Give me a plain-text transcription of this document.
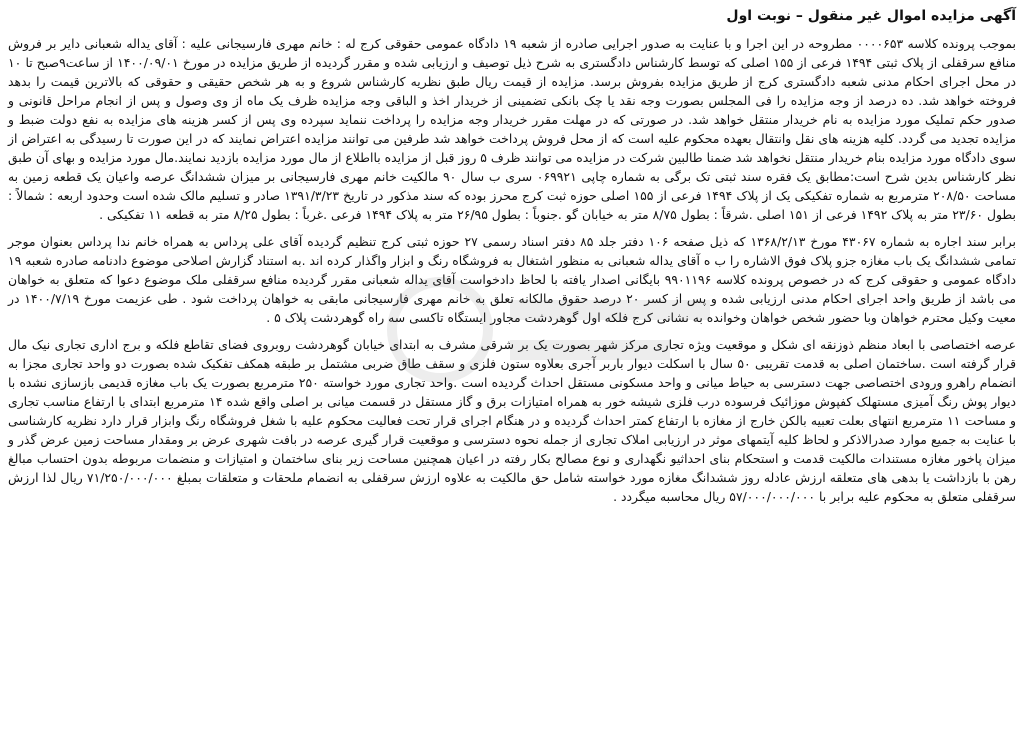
آگهی مزایده اموال غیر منقول – نوبت اول

بموجب پرونده کلاسه ۰۰۰۰۶۵۳ مطروحه در این اجرا و با عنایت به صدور اجرایی صادره از شعبه ۱۹ دادگاه عمومی حقوقی کرج له : خانم مهری فارسیجانی علیه : آقای یداله شعبانی دایر بر فروش منافع سرقفلی از پلاک ثبتی ۱۴۹۴ فرعی از ۱۵۵ اصلی که توسط کارشناس دادگستری به شرح ذیل توصیف و ارزیابی شده و مقرر گردیده از طریق مزایده در مورخ ۱۴۰۰/۰۹/۰۱ از ساعت۹صبح تا ۱۰ در محل اجرای احکام مدنی شعبه دادگستری کرج از طریق مزایده بفروش برسد. مزایده از قیمت ریال طبق نظریه کارشناس شروع و به هر شخص حقیقی و حقوقی که بالاترین قیمت را بدهد فروخته خواهد شد. ده درصد از وجه مزایده را فی المجلس بصورت وجه نقد یا چک بانکی تضمینی از خریدار اخذ و الباقی وجه مزایده ظرف یک ماه از وی وصول و پس از انجام مراحل قانونی و صدور حکم تملیک مورد مزایده به نام خریدار منتقل خواهد شد. در صورتی که در مهلت مقرر خریدار وجه مزایده را پرداخت ننماید سپرده وی پس از کسر هزینه های مزایده به نفع دولت ضبط و مزایده تجدید می گردد. کلیه هزینه های نقل وانتقال بعهده محکوم علیه است که از محل فروش پرداخت خواهد شد طرفین می توانند مزایده اعتراض نمایند که در این صورت تا رسیدگی به اعتراض از سوی دادگاه مورد مزایده بنام خریدار منتقل نخواهد شد ضمنا طالبین شرکت در مزایده می توانند ظرف ۵ روز قبل از مزایده بااطلاع از مال مورد مزایده بازدید نمایند.مال مورد مزایده و بهای آن طبق نظر کارشناس بدین شرح است:مطابق یک فقره سند ثبتی تک برگی به شماره چاپی ۰۶۹۹۲۱ سری ب سال ۹۰ مالکیت خانم مهری فارسیجانی بر میزان ششدانگ عرصه واعیان یک قطعه زمین به مساحت ۲۰۸/۵۰ مترمربع به شماره تفکیکی یک از پلاک ۱۴۹۴ فرعی از ۱۵۵ اصلی حوزه ثبت کرج محرز بوده که سند مذکور در تاریخ ۱۳۹۱/۳/۲۳ صادر و تسلیم مالک شده است وحدود اربعه : شمالاً : بطول ۲۳/۶۰ متر به پلاک ۱۴۹۲ فرعی از ۱۵۱ اصلی .شرقاً : بطول ۸/۷۵ متر به خیابان گو .جنوباً : بطول ۲۶/۹۵ متر به پلاک ۱۴۹۴ فرعی .غرباً : بطول ۸/۲۵ متر به قطعه ۱۱ تفکیکی .

برابر سند اجاره به شماره ۴۳۰۶۷ مورخ ۱۳۶۸/۲/۱۳ که ذیل صفحه ۱۰۶ دفتر جلد ۸۵ دفتر اسناد رسمی ۲۷ حوزه ثبتی کرج تنظیم گردیده آقای علی پرداس به همراه خانم ندا پرداس بعنوان موجر تمامی ششدانگ یک باب مغازه جزو پلاک فوق الاشاره را ب ه آقای یداله شعبانی به منظور اشتغال به فروشگاه رنگ و ابزار واگذار کرده اند .به استناد گزارش اصلاحی موضوع دادنامه صادره شعبه ۱۹ دادگاه عمومی و حقوقی کرج که در خصوص پرونده کلاسه ۹۹۰۱۱۹۶ بایگانی اصدار یافته با لحاظ دادخواست آقای یداله شعبانی مقرر گردیده منافع سرقفلی ملک موضوع دعوا که متعلق به خواهان می باشد از طریق واحد اجرای احکام مدنی ارزیابی شده و پس از کسر ۲۰ درصد حقوق مالکانه تعلق به خانم مهری فارسیجانی مابقی به خواهان پرداخت شود . طی عزیمت مورخ ۱۴۰۰/۷/۱۹ در معیت وکیل محترم خواهان وبا حضور شخص خواهان وخوانده به نشانی کرج فلکه اول گوهردشت مجاور ایستگاه تاکسی سه راه گوهردشت پلاک ۵ .

عرصه اختصاصی با ابعاد منظم ذوزنقه ای شکل و موقعیت ویژه تجاری مرکز شهر بصورت یک بر شرقی مشرف به ابتدای خیابان گوهردشت روبروی فضای تقاطع فلکه و برج اداری تجاری نیک مال قرار گرفته است .ساختمان اصلی به قدمت تقریبی ۵۰ سال با اسکلت دیوار باربر آجری بعلاوه ستون فلزی و سقف طاق ضربی مشتمل بر طبقه همکف تفکیک شده بصورت دو واحد تجاری مجزا به انضمام راهرو ورودی اختصاصی جهت دسترسی به حیاط میانی و واحد مسکونی مستقل احداث گردیده است .واحد تجاری مورد خواسته ۲۵۰ مترمربع بصورت یک باب مغازه قدیمی بازسازی نشده با دیوار پوش رنگ آمیزی مستهلک کفپوش موزائیک فرسوده درب فلزی شیشه خور به همراه امتیازات برق و گاز مستقل در قسمت میانی بر اصلی واقع شده ۱۴ مترمربع ابتدای با ارتفاع مناسب تجاری و مساحت ۱۱ مترمربع انتهای بعلت تعبیه بالکن خارج از مغازه با ارتفاع کمتر احداث گردیده و در هنگام اجرای قرار تحت فعالیت محکوم علیه با شغل فروشگاه رنگ وابزار قرار دارد نظریه کارشناسی با عنایت به جمیع موارد صدرالاذکر و لحاظ کلیه آیتمهای موثر در ارزیابی املاک تجاری از جمله نحوه دسترسی و موقعیت قرار گیری عرصه در بافت شهری عرض بر ومقدار مساحت زمین عرض گذر و میزان پاخور مغازه مستندات مالکیت قدمت و استحکام بنای احداثیو نگهداری و نوع مصالح بکار رفته در اعیان همچنین مساحت زیر بنای ساختمان و امتیازات و منضمات مربوطه بدون احتساب مبالغ رهن با بازداشت یا بدهی های متعلقه ارزش عادله روز ششدانگ مغازه مورد خواسته شامل حق مالکیت به علاوه ارزش سرقفلی به انضمام ملحقات و متعلقات بمبلغ ۷۱/۲۵۰/۰۰۰/۰۰۰ ریال لذا ارزش سرقفلی متعلق به محکوم علیه برابر با ۵۷/۰۰۰/۰۰۰/۰۰۰ ریال محاسبه میگردد .
